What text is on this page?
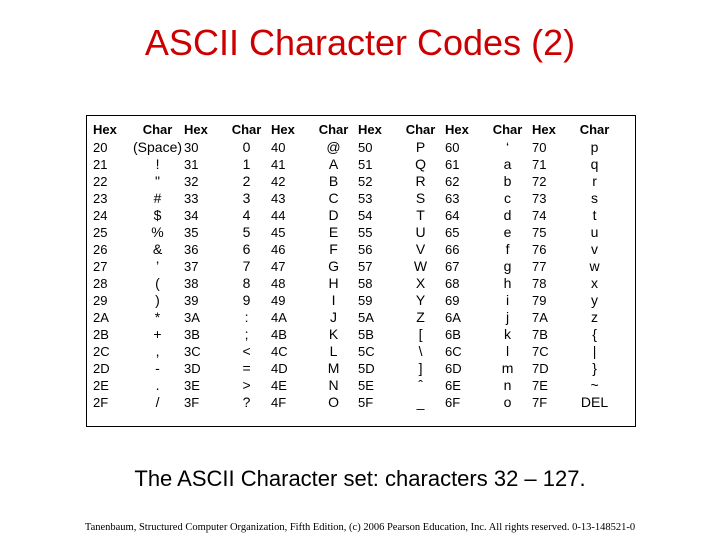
ASCII Character Codes (2)
Hex	Char	Hex	Char	Hex	Char	Hex	Char	Hex	Char	Hex	Char
20	(Space)	30	0	40	@	50	P	60	‘	70	p
21	!	31	1	41	A	51	Q	61	a	71	q
22	"	32	2	42	B	52	R	62	b	72	r
23	#	33	3	43	C	53	S	63	c	73	s
24	$	34	4	44	D	54	T	64	d	74	t
25	%	35	5	45	E	55	U	65	e	75	u
26	&	36	6	46	F	56	V	66	f	76	v
27	’	37	7	47	G	57	W	67	g	77	w
28	(	38	8	48	H	58	X	68	h	78	x
29	)	39	9	49	I	59	Y	69	i	79	y
2A	*	3A	:	4A	J	5A	Z	6A	j	7A	z
2B	+	3B	;	4B	K	5B	[	6B	k	7B	{
2C	,	3C	<	4C	L	5C	\	6C	l	7C	|
2D	-	3D	=	4D	M	5D	]	6D	m	7D	}
2E	.	3E	>	4E	N	5E	ˆ	6E	n	7E	~
2F	/	3F	?	4F	O	5F	_	6F	o	7F	DEL
The ASCII Character set: characters 32 – 127.
Tanenbaum, Structured Computer Organization, Fifth Edition, (c) 2006 Pearson Education, Inc. All rights reserved. 0-13-148521-0
